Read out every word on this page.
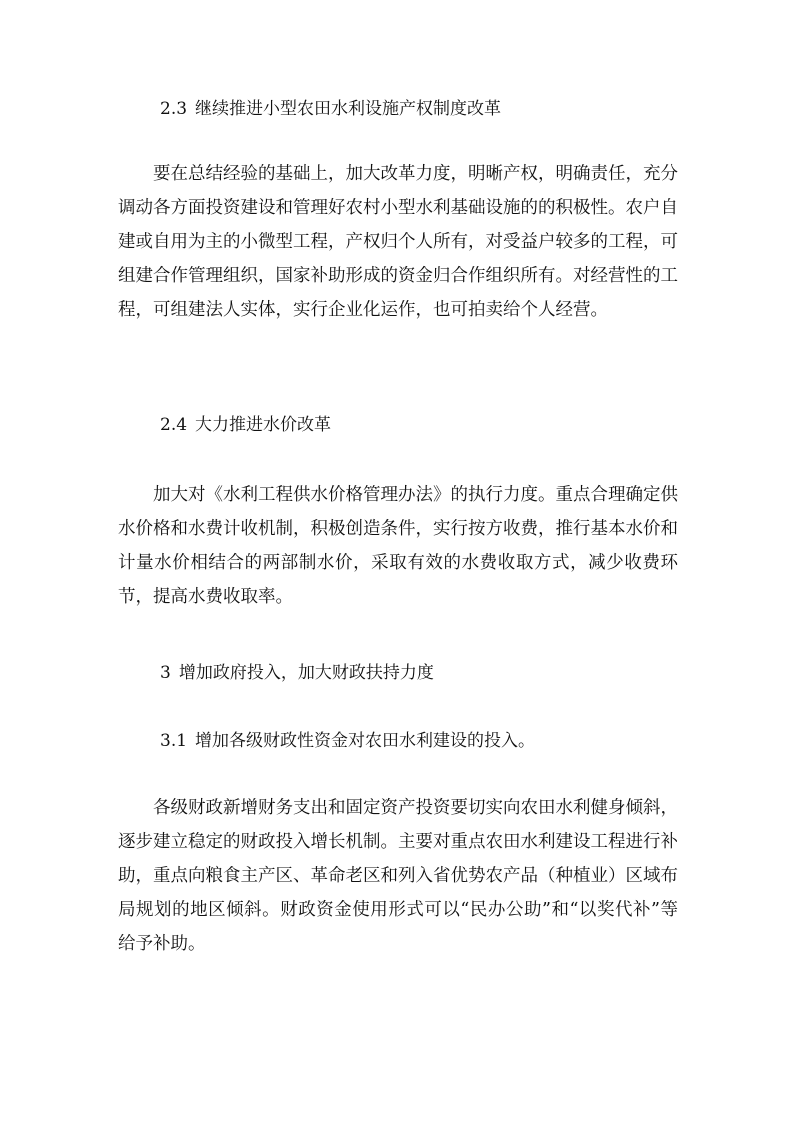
2.3 继续推进小型农田水利设施产权制度改革

要在总结经验的基础上，加大改革力度，明晰产权，明确责任，充分调动各方面投资建设和管理好农村小型水利基础设施的的积极性。农户自建或自用为主的小微型工程，产权归个人所有，对受益户较多的工程，可组建合作管理组织，国家补助形成的资金归合作组织所有。对经营性的工程，可组建法人实体，实行企业化运作，也可拍卖给个人经营。

2.4 大力推进水价改革

加大对《水利工程供水价格管理办法》的执行力度。重点合理确定供水价格和水费计收机制，积极创造条件，实行按方收费，推行基本水价和计量水价相结合的两部制水价，采取有效的水费收取方式，减少收费环节，提高水费收取率。

3 增加政府投入，加大财政扶持力度
3.1 增加各级财政性资金对农田水利建设的投入。

各级财政新增财务支出和固定资产投资要切实向农田水利健身倾斜，逐步建立稳定的财政投入增长机制。主要对重点农田水利建设工程进行补助，重点向粮食主产区、革命老区和列入省优势农产品（种植业）区域布局规划的地区倾斜。财政资金使用形式可以“民办公助”和“以奖代补”等给予补助。
